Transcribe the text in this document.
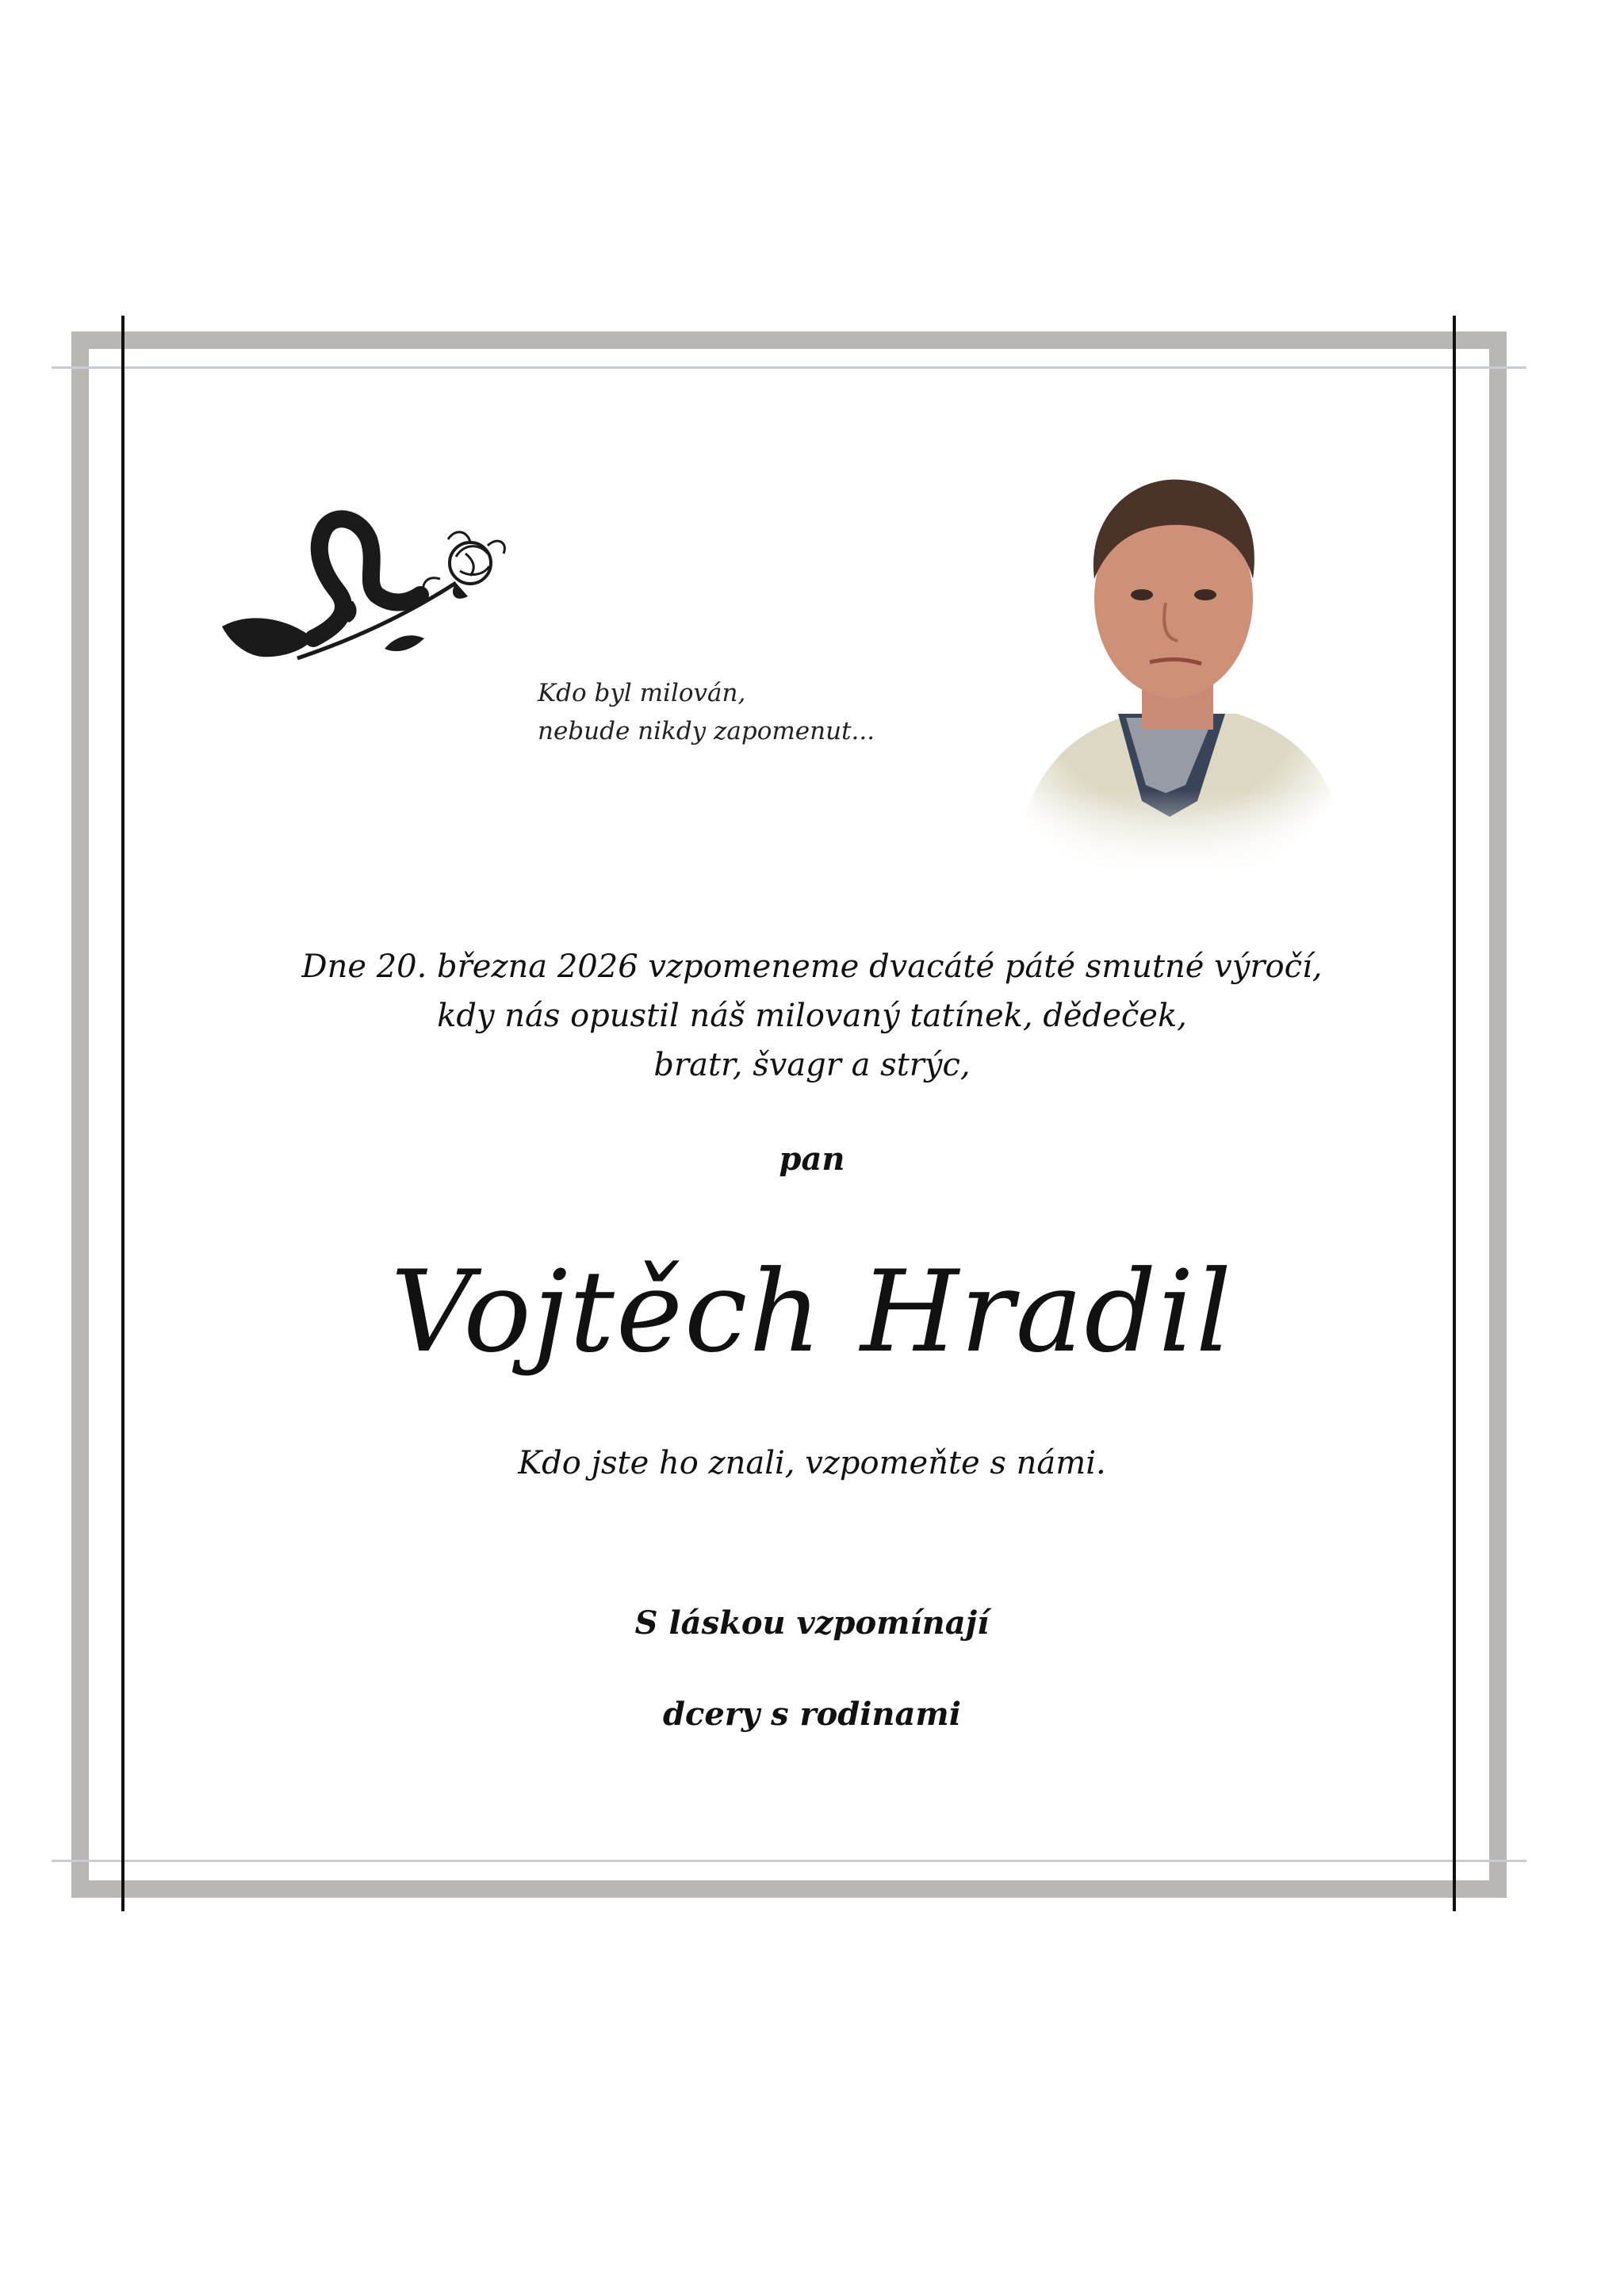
Kdo byl milován,
nebude nikdy zapomenut...
Dne 20. března 2026 vzpomeneme dvacáté páté smutné výročí,
kdy nás opustil náš milovaný tatínek, dědeček,
bratr, švagr a strýc,
pan
Vojtěch Hradil
Kdo jste ho znali, vzpomeňte s námi.
S láskou vzpomínají
dcery s rodinami
